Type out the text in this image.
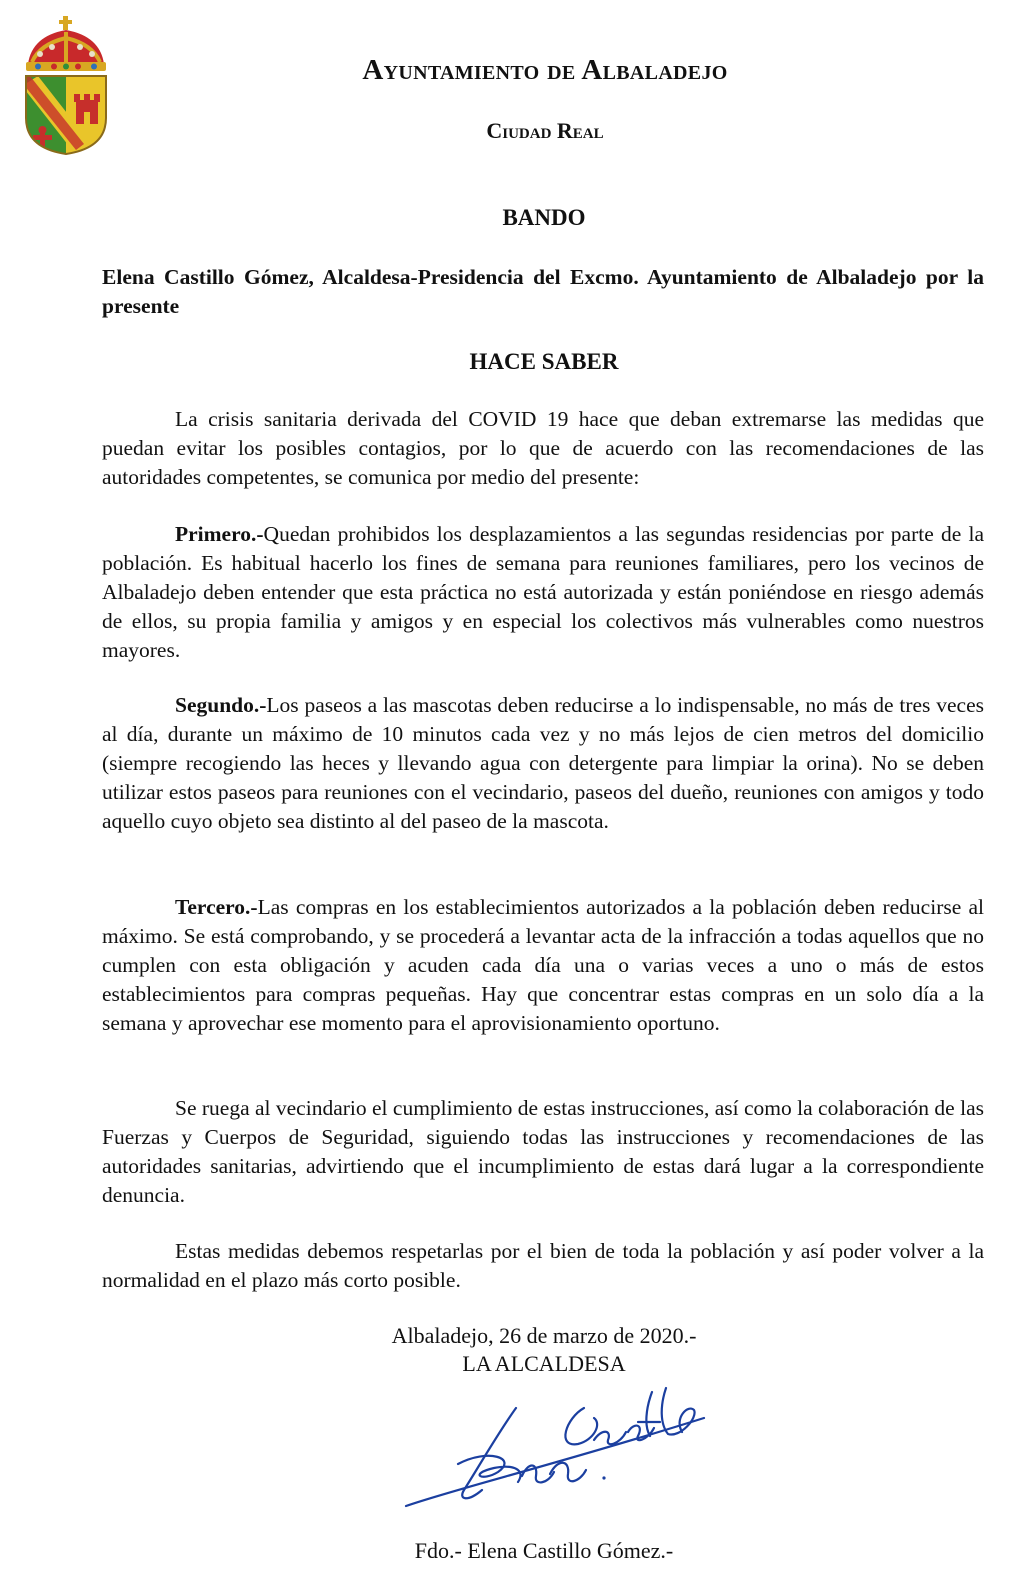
Ayuntamiento de Albaladejo
Ciudad Real
BANDO
Elena Castillo Gómez, Alcaldesa-Presidencia del Excmo. Ayuntamiento de Albaladejo por la presente
HACE SABER
La crisis sanitaria derivada del COVID 19 hace que deban extremarse las medidas que puedan evitar los posibles contagios, por lo que de acuerdo con las recomendaciones de las autoridades competentes, se comunica por medio del presente:
Primero.-Quedan prohibidos los desplazamientos a las segundas residencias por parte de la población. Es habitual hacerlo los fines de semana para reuniones familiares, pero los vecinos de Albaladejo deben entender que esta práctica no está autorizada y están poniéndose en riesgo además de ellos, su propia familia y amigos y en especial los colectivos más vulnerables como nuestros mayores.
Segundo.-Los paseos a las mascotas deben reducirse a lo indispensable, no más de tres veces al día, durante un máximo de 10 minutos cada vez y no más lejos de cien metros del domicilio (siempre recogiendo las heces y llevando agua con detergente para limpiar la orina). No se deben utilizar estos paseos para reuniones con el vecindario, paseos del dueño, reuniones con amigos y todo aquello cuyo objeto sea distinto al del paseo de la mascota.
Tercero.-Las compras en los establecimientos autorizados a la población deben reducirse al máximo. Se está comprobando, y se procederá a levantar acta de la infracción a todas aquellos que no cumplen con esta obligación y acuden cada día una o varias veces a uno o más de estos establecimientos para compras pequeñas. Hay que concentrar estas compras en un solo día a la semana y aprovechar ese momento para el aprovisionamiento oportuno.
Se ruega al vecindario el cumplimiento de estas instrucciones, así como la colaboración de las Fuerzas y Cuerpos de Seguridad, siguiendo todas las instrucciones y recomendaciones de las autoridades sanitarias, advirtiendo que el incumplimiento de estas dará lugar a la correspondiente denuncia.
Estas medidas debemos respetarlas por el bien de toda la población y así poder volver a la normalidad en el plazo más corto posible.
Albaladejo, 26 de marzo de 2020.-
LA ALCALDESA
Fdo.- Elena Castillo Gómez.-
